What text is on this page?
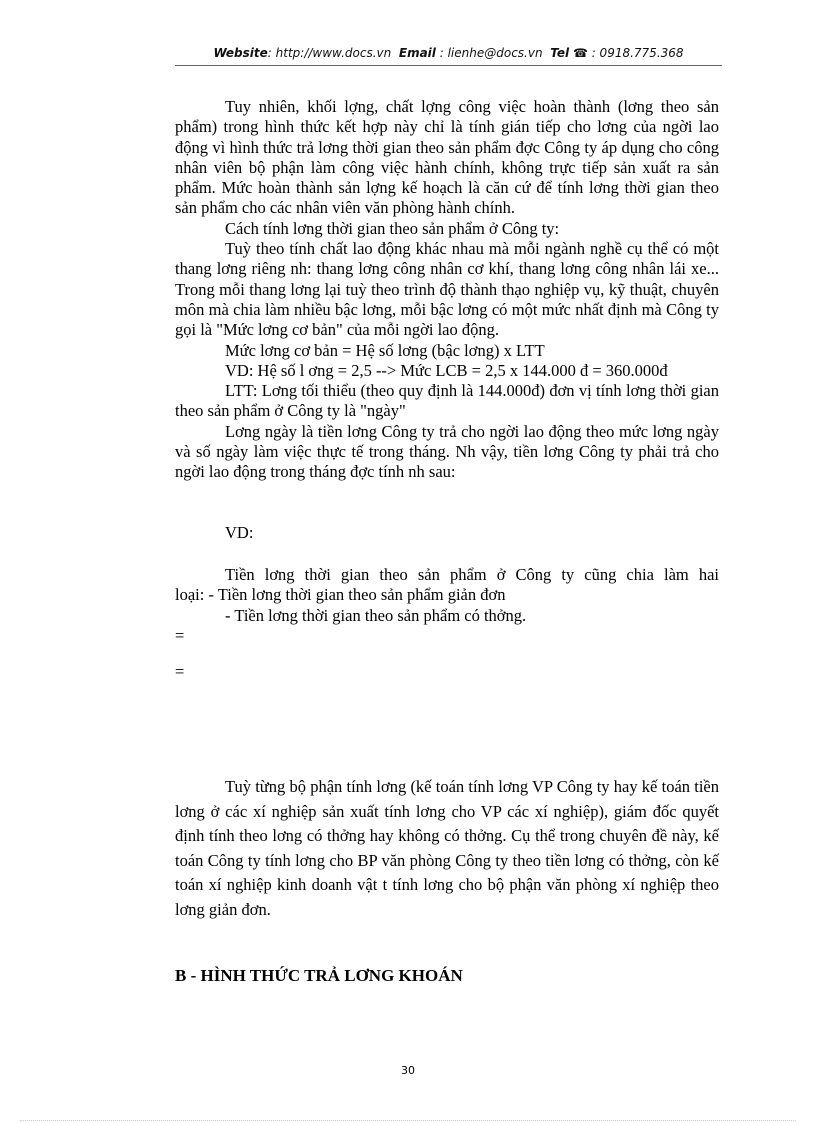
Website: http://www.docs.vn Email : lienhe@docs.vn Tel ☎ : 0918.775.368

Tuy nhiên, khối lợng, chất lợng công việc hoàn thành (lơng theo sản phẩm) trong hình thức kết hợp này chỉ là tính gián tiếp cho lơng của ngời lao động vì hình thức trả lơng thời gian theo sản phẩm đợc Công ty áp dụng cho công nhân viên bộ phận làm công việc hành chính, không trực tiếp sản xuất ra sản phẩm. Mức hoàn thành sản lợng kế hoạch là căn cứ để tính lơng thời gian theo sản phẩm cho các nhân viên văn phòng hành chính.

Cách tính lơng thời gian theo sản phẩm ở Công ty:

Tuỳ theo tính chất lao động khác nhau mà mỗi ngành nghề cụ thể có một thang lơng riêng nh: thang lơng công nhân cơ khí, thang lơng công nhân lái xe... Trong mỗi thang lơng lại tuỳ theo trình độ thành thạo nghiệp vụ, kỹ thuật, chuyên môn mà chia làm nhiều bậc lơng, mỗi bậc lơng có một mức nhất định mà Công ty gọi là "Mức lơng cơ bản" của mỗi ngời lao động.

Mức lơng cơ bản = Hệ số lơng (bậc lơng) x LTT

VD: Hệ số l ơng = 2,5 --> Mức LCB = 2,5 x 144.000 đ = 360.000đ

LTT: Lơng tối thiểu (theo quy định là 144.000đ) đơn vị tính lơng thời gian theo sản phẩm ở Công ty là "ngày"

Lơng ngày là tiền lơng Công ty trả cho ngời lao động theo mức lơng ngày và số ngày làm việc thực tế trong tháng. Nh vậy, tiền lơng Công ty phải trả cho ngời lao động trong tháng đợc tính nh sau:

VD:

Tiền lơng thời gian theo sản phẩm ở Công ty cũng chia làm hai

loại: - Tiền lơng thời gian theo sản phẩm giản đơn
- Tiền lơng thời gian theo sản phẩm có thởng.
=
=

Tuỳ từng bộ phận tính lơng (kế toán tính lơng VP Công ty hay kế toán tiền lơng ở các xí nghiệp sản xuất tính lơng cho VP các xí nghiệp), giám đốc quyết định tính theo lơng có thởng hay không có thởng. Cụ thể trong chuyên đề này, kế toán Công ty tính lơng cho BP văn phòng Công ty theo tiền lơng có thởng, còn kế toán xí nghiệp kinh doanh vật t tính lơng cho bộ phận văn phòng xí nghiệp theo lơng giản đơn.

B - HÌNH THỨC TRẢ LƠNG KHOÁN
30
